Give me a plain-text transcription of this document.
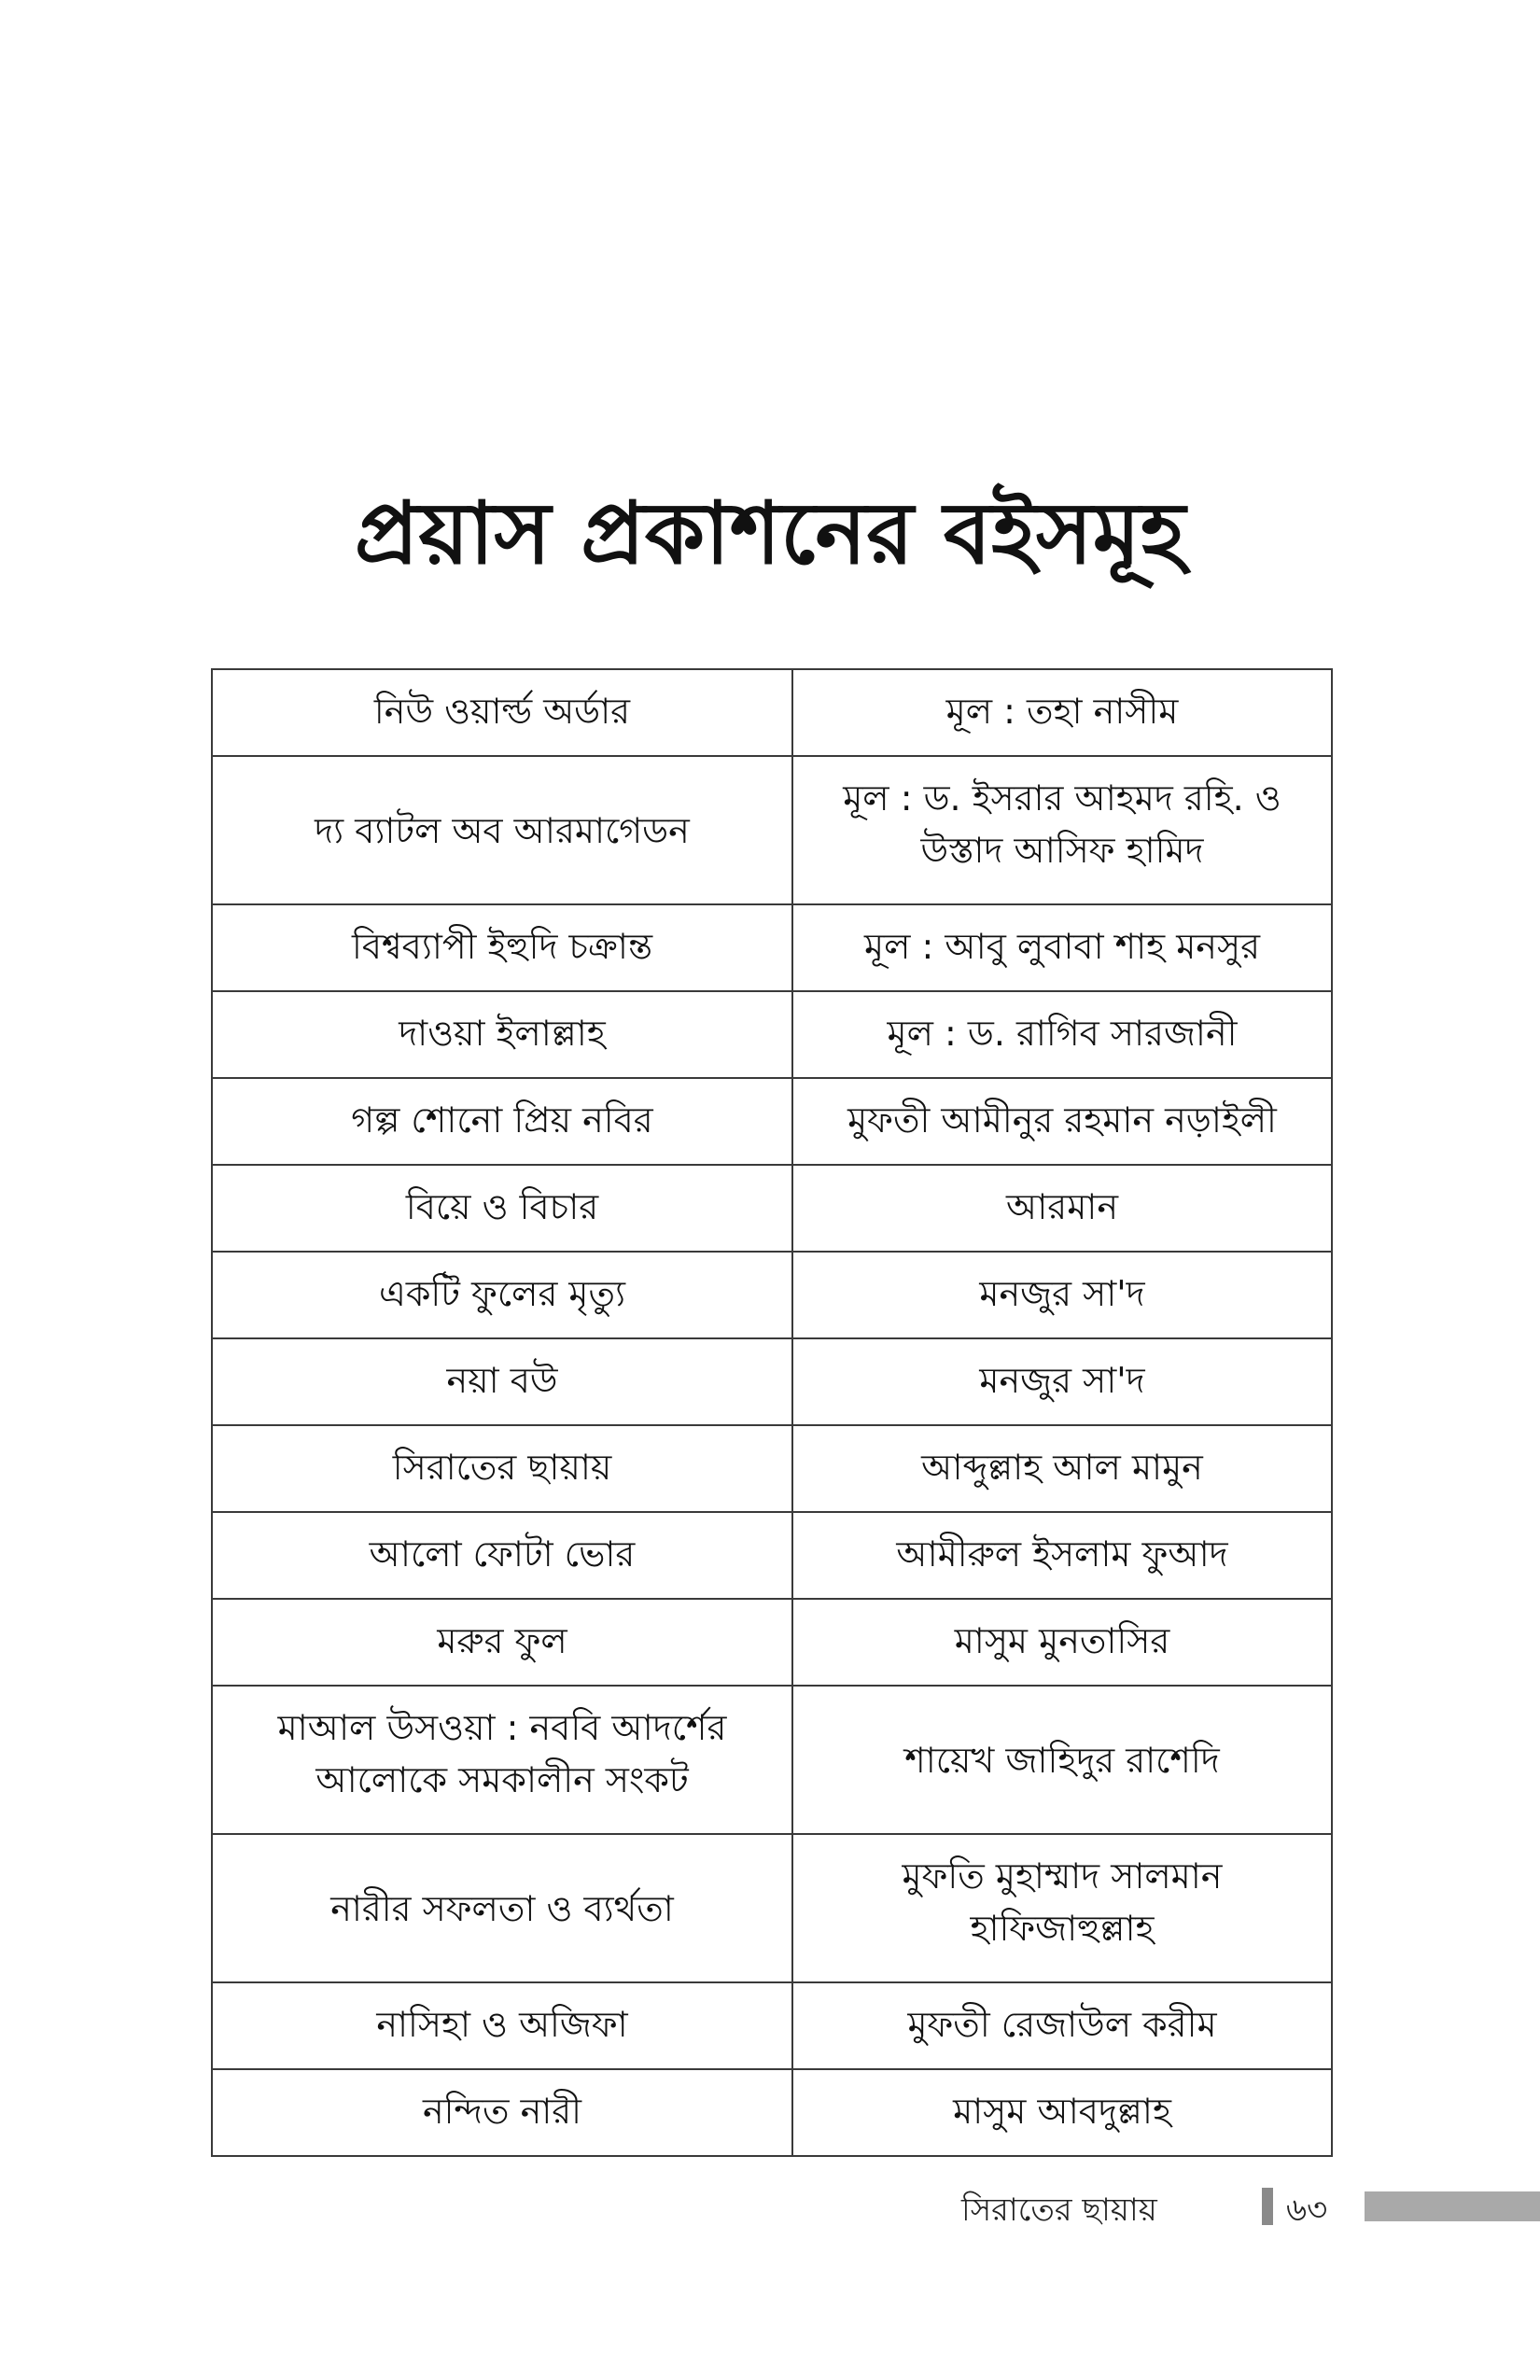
প্রয়াস প্রকাশনের বইসমূহ
নিউ ওয়ার্ল্ড অর্ডার	মূল : তহা নাসীম
দ্য ব্যাটল অব আরমাগেডন	মূল : ড. ইসরার আহমদ রহি. ও উস্তাদ আসিফ হামিদ
বিশ্বব্যাপী ইহুদি চক্রান্ত	মূল : আবু লুবাবা শাহ মনসুর
দাওয়া ইলাল্লাহ	মূল : ড. রাগিব সারজানী
গল্প শোনো প্রিয় নবির	মুফতী আমীনুর রহমান নড়াইলী
বিয়ে ও বিচার	আরমান
একটি ফুলের মৃত্যু	মনজুর সা'দ
নয়া বউ	মনজুর সা'দ
সিরাতের ছায়ায়	আব্দুল্লাহ আল মামুন
আলো ফোটা ভোর	আমীরুল ইসলাম ফুআদ
মরুর ফুল	মাসুম মুনতাসির
মাআল উসওয়া : নববি আদর্শের আলোকে সমকালীন সংকট	শায়েখ জাহিদুর রাশেদি
নারীর সফলতা ও ব্যর্থতা	মুফতি মুহাম্মাদ সালমান হাফিজাহুল্লাহ
নাসিহা ও অজিফা	মুফতী রেজাউল করীম
নন্দিত নারী	মাসুম আবদুল্লাহ
সিরাতের ছায়ায়	৬৩
